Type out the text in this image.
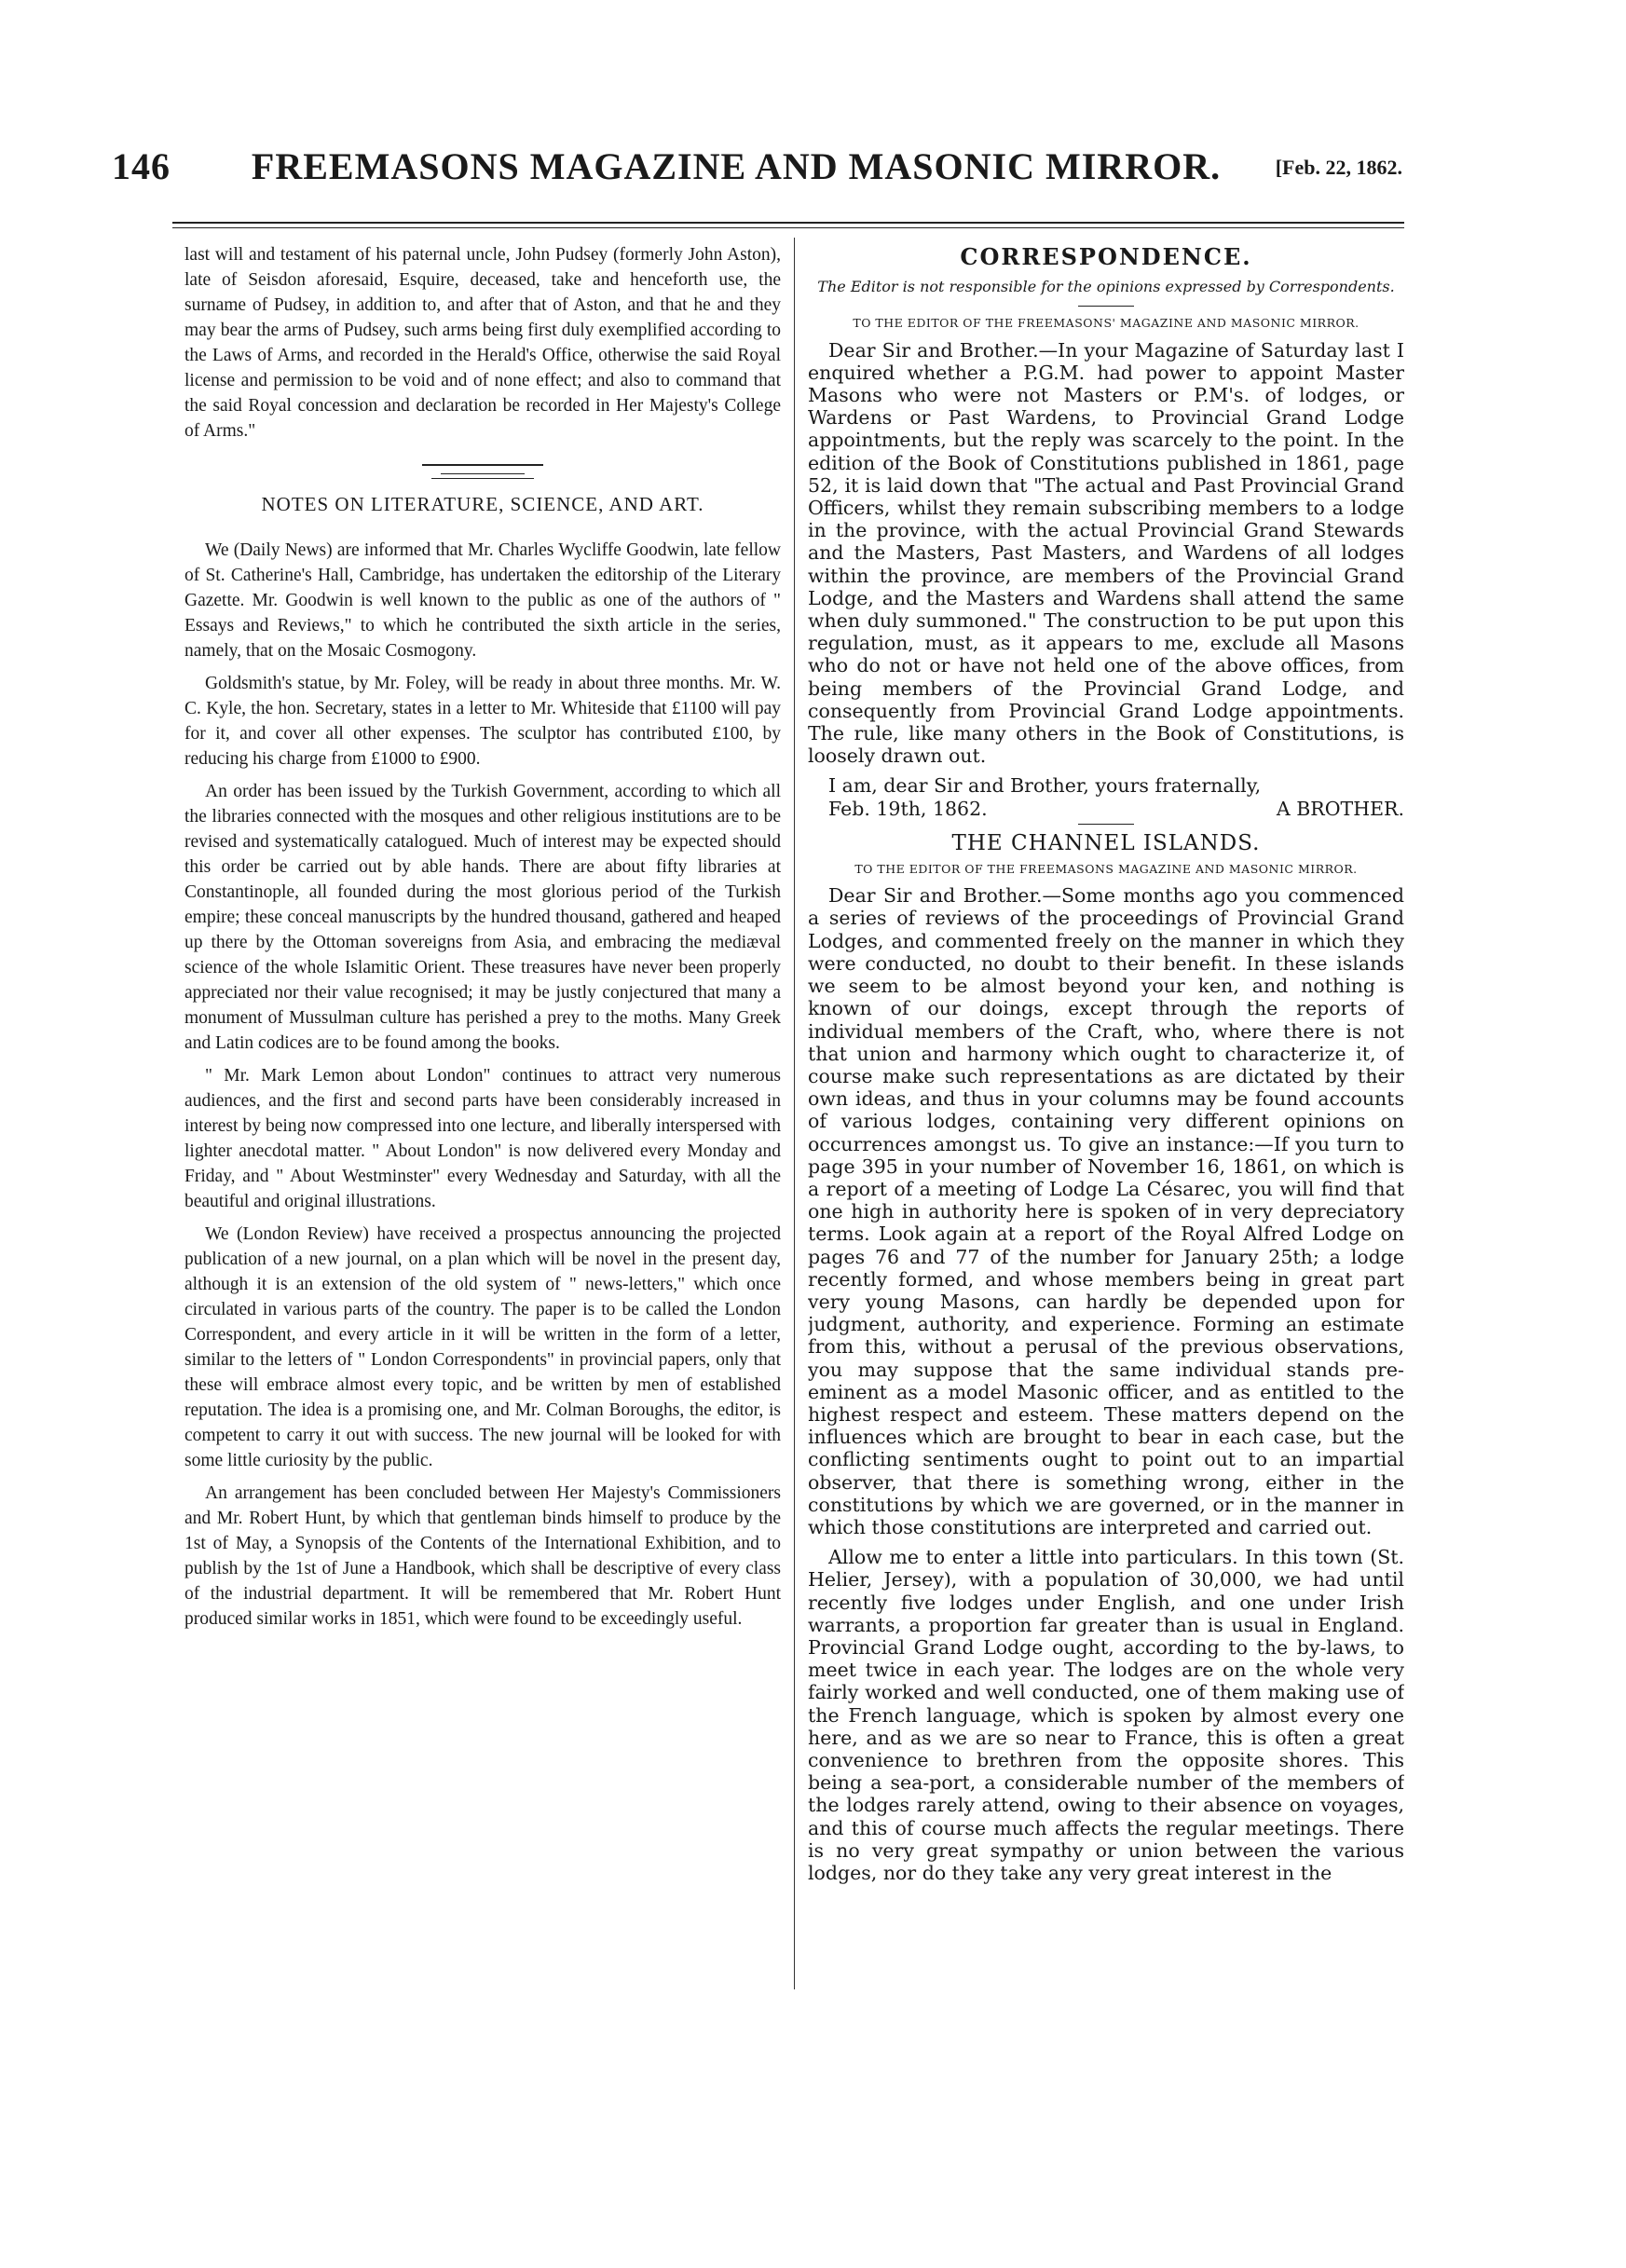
146	FREEMASONS MAGAZINE AND MASONIC MIRROR.	[Feb. 22, 1862.

last will and testament of his paternal uncle, John Pudsey (formerly John Aston), late of Seisdon aforesaid, Esquire, deceased, take and henceforth use, the surname of Pudsey, in addition to, and after that of Aston, and that he and they may bear the arms of Pudsey, such arms being first duly exemplified according to the Laws of Arms, and recorded in the Herald's Office, otherwise the said Royal license and permission to be void and of none effect; and also to command that the said Royal concession and declaration be recorded in Her Majesty's College of Arms."

NOTES ON LITERATURE, SCIENCE, AND ART.

We (Daily News) are informed that Mr. Charles Wycliffe Goodwin, late fellow of St. Catherine's Hall, Cambridge, has undertaken the editorship of the Literary Gazette. Mr. Goodwin is well known to the public as one of the authors of " Essays and Reviews," to which he contributed the sixth article in the series, namely, that on the Mosaic Cosmogony.

Goldsmith's statue, by Mr. Foley, will be ready in about three months. Mr. W. C. Kyle, the hon. Secretary, states in a letter to Mr. Whiteside that £1100 will pay for it, and cover all other expenses. The sculptor has contributed £100, by reducing his charge from £1000 to £900.

An order has been issued by the Turkish Government, according to which all the libraries connected with the mosques and other religious institutions are to be revised and systematically catalogued. Much of interest may be expected should this order be carried out by able hands. There are about fifty libraries at Constantinople, all founded during the most glorious period of the Turkish empire; these conceal manuscripts by the hundred thousand, gathered and heaped up there by the Ottoman sovereigns from Asia, and embracing the mediæval science of the whole Islamitic Orient. These treasures have never been properly appreciated nor their value recognised; it may be justly conjectured that many a monument of Mussulman culture has perished a prey to the moths. Many Greek and Latin codices are to be found among the books.

" Mr. Mark Lemon about London" continues to attract very numerous audiences, and the first and second parts have been considerably increased in interest by being now compressed into one lecture, and liberally interspersed with lighter anecdotal matter. " About London" is now delivered every Monday and Friday, and " About Westminster" every Wednesday and Saturday, with all the beautiful and original illustrations.

We (London Review) have received a prospectus announcing the projected publication of a new journal, on a plan which will be novel in the present day, although it is an extension of the old system of " news-letters," which once circulated in various parts of the country. The paper is to be called the London Correspondent, and every article in it will be written in the form of a letter, similar to the letters of " London Correspondents" in provincial papers, only that these will embrace almost every topic, and be written by men of established reputation. The idea is a promising one, and Mr. Colman Boroughs, the editor, is competent to carry it out with success. The new journal will be looked for with some little curiosity by the public.

An arrangement has been concluded between Her Majesty's Commissioners and Mr. Robert Hunt, by which that gentleman binds himself to produce by the 1st of May, a Synopsis of the Contents of the International Exhibition, and to publish by the 1st of June a Handbook, which shall be descriptive of every class of the industrial department. It will be remembered that Mr. Robert Hunt produced similar works in 1851, which were found to be exceedingly useful.

CORRESPONDENCE.
The Editor is not responsible for the opinions expressed by Correspondents.
TO THE EDITOR OF THE FREEMASONS' MAGAZINE AND MASONIC MIRROR.

Dear Sir and Brother.—In your Magazine of Saturday last I enquired whether a P.G.M. had power to appoint Master Masons who were not Masters or P.M's. of lodges, or Wardens or Past Wardens, to Provincial Grand Lodge appointments, but the reply was scarcely to the point. In the edition of the Book of Constitutions published in 1861, page 52, it is laid down that "The actual and Past Provincial Grand Officers, whilst they remain subscribing members to a lodge in the province, with the actual Provincial Grand Stewards and the Masters, Past Masters, and Wardens of all lodges within the province, are members of the Provincial Grand Lodge, and the Masters and Wardens shall attend the same when duly summoned." The construction to be put upon this regulation, must, as it appears to me, exclude all Masons who do not or have not held one of the above offices, from being members of the Provincial Grand Lodge, and consequently from Provincial Grand Lodge appointments. The rule, like many others in the Book of Constitutions, is loosely drawn out.

I am, dear Sir and Brother, yours fraternally,
Feb. 19th, 1862.	A BROTHER.
THE CHANNEL ISLANDS.
TO THE EDITOR OF THE FREEMASONS MAGAZINE AND MASONIC MIRROR.

Dear Sir and Brother.—Some months ago you commenced a series of reviews of the proceedings of Provincial Grand Lodges, and commented freely on the manner in which they were conducted, no doubt to their benefit. In these islands we seem to be almost beyond your ken, and nothing is known of our doings, except through the reports of individual members of the Craft, who, where there is not that union and harmony which ought to characterize it, of course make such representations as are dictated by their own ideas, and thus in your columns may be found accounts of various lodges, containing very different opinions on occurrences amongst us. To give an instance:—If you turn to page 395 in your number of November 16, 1861, on which is a report of a meeting of Lodge La Césarec, you will find that one high in authority here is spoken of in very depreciatory terms. Look again at a report of the Royal Alfred Lodge on pages 76 and 77 of the number for January 25th; a lodge recently formed, and whose members being in great part very young Masons, can hardly be depended upon for judgment, authority, and experience. Forming an estimate from this, without a perusal of the previous observations, you may suppose that the same individual stands pre-eminent as a model Masonic officer, and as entitled to the highest respect and esteem. These matters depend on the influences which are brought to bear in each case, but the conflicting sentiments ought to point out to an impartial observer, that there is something wrong, either in the constitutions by which we are governed, or in the manner in which those constitutions are interpreted and carried out.

Allow me to enter a little into particulars. In this town (St. Helier, Jersey), with a population of 30,000, we had until recently five lodges under English, and one under Irish warrants, a proportion far greater than is usual in England. Provincial Grand Lodge ought, according to the by-laws, to meet twice in each year. The lodges are on the whole very fairly worked and well conducted, one of them making use of the French language, which is spoken by almost every one here, and as we are so near to France, this is often a great convenience to brethren from the opposite shores. This being a sea-port, a considerable number of the members of the lodges rarely attend, owing to their absence on voyages, and this of course much affects the regular meetings. There is no very great sympathy or union between the various lodges, nor do they take any very great interest in the
